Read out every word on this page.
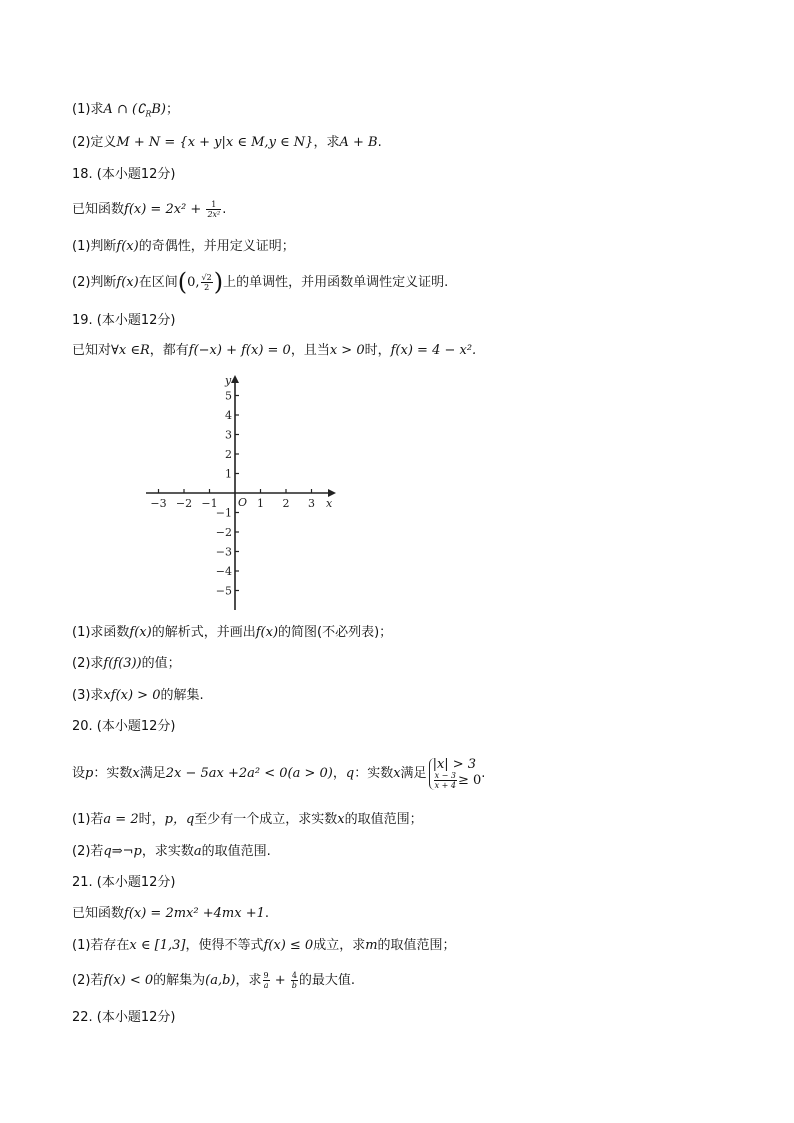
(1)求A ∩ $(∁_RB)$；
(2)定义M + N = {x + y|x ∈ M,y ∈ N}，求A + B.
18. (本小题12分)
已知函数$f(x) = 2x^2 + \frac{1}{\text{2x²}}$ .
(1)判断f(x)的奇偶性，并用定义证明；
(2)判断f(x)在区间(0, $\frac{√2}{2}$ )上的单调性，并用函数单调性定义证明.
19. (本小题12分)
已知对∀x ∈R，都有f(−x) + f(x) = 0，且当x > 0时，f(x) = 4 − x².
5
4
3
2
1
−1
−2
−3
−4
−5
−3 −2 −1	1 2 3
y
x
O
(1)求函数f(x)的解析式，并画出f(x)的简图(不必列表)；
(2)求f(f(3))的值；
(3)求xf(x) > 0的解集.
20. (本小题12分)
设p：实数x满足2x − 5ax +2a² < 0(a > 0)，q：实数x满足
|x| > 3
$\frac{x - 3}{x + 4} \ge 0$ .
(1)若a = 2时，p，q至少有一个成立，求实数x的取值范围；
(2)若q⇒¬p，求实数a的取值范围.
21. (本小题12分)
已知函数f(x) = 2mx² +4mx +1.
(1)若存在x ∈ [1,3]，使得不等式f(x) ≤ 0成立，求m的取值范围；
(2)若f(x) < 0的解集为(a,b)，求 $\frac{9}{a} + \frac{4}{b}$ 的最大值.
22. (本小题12分)
